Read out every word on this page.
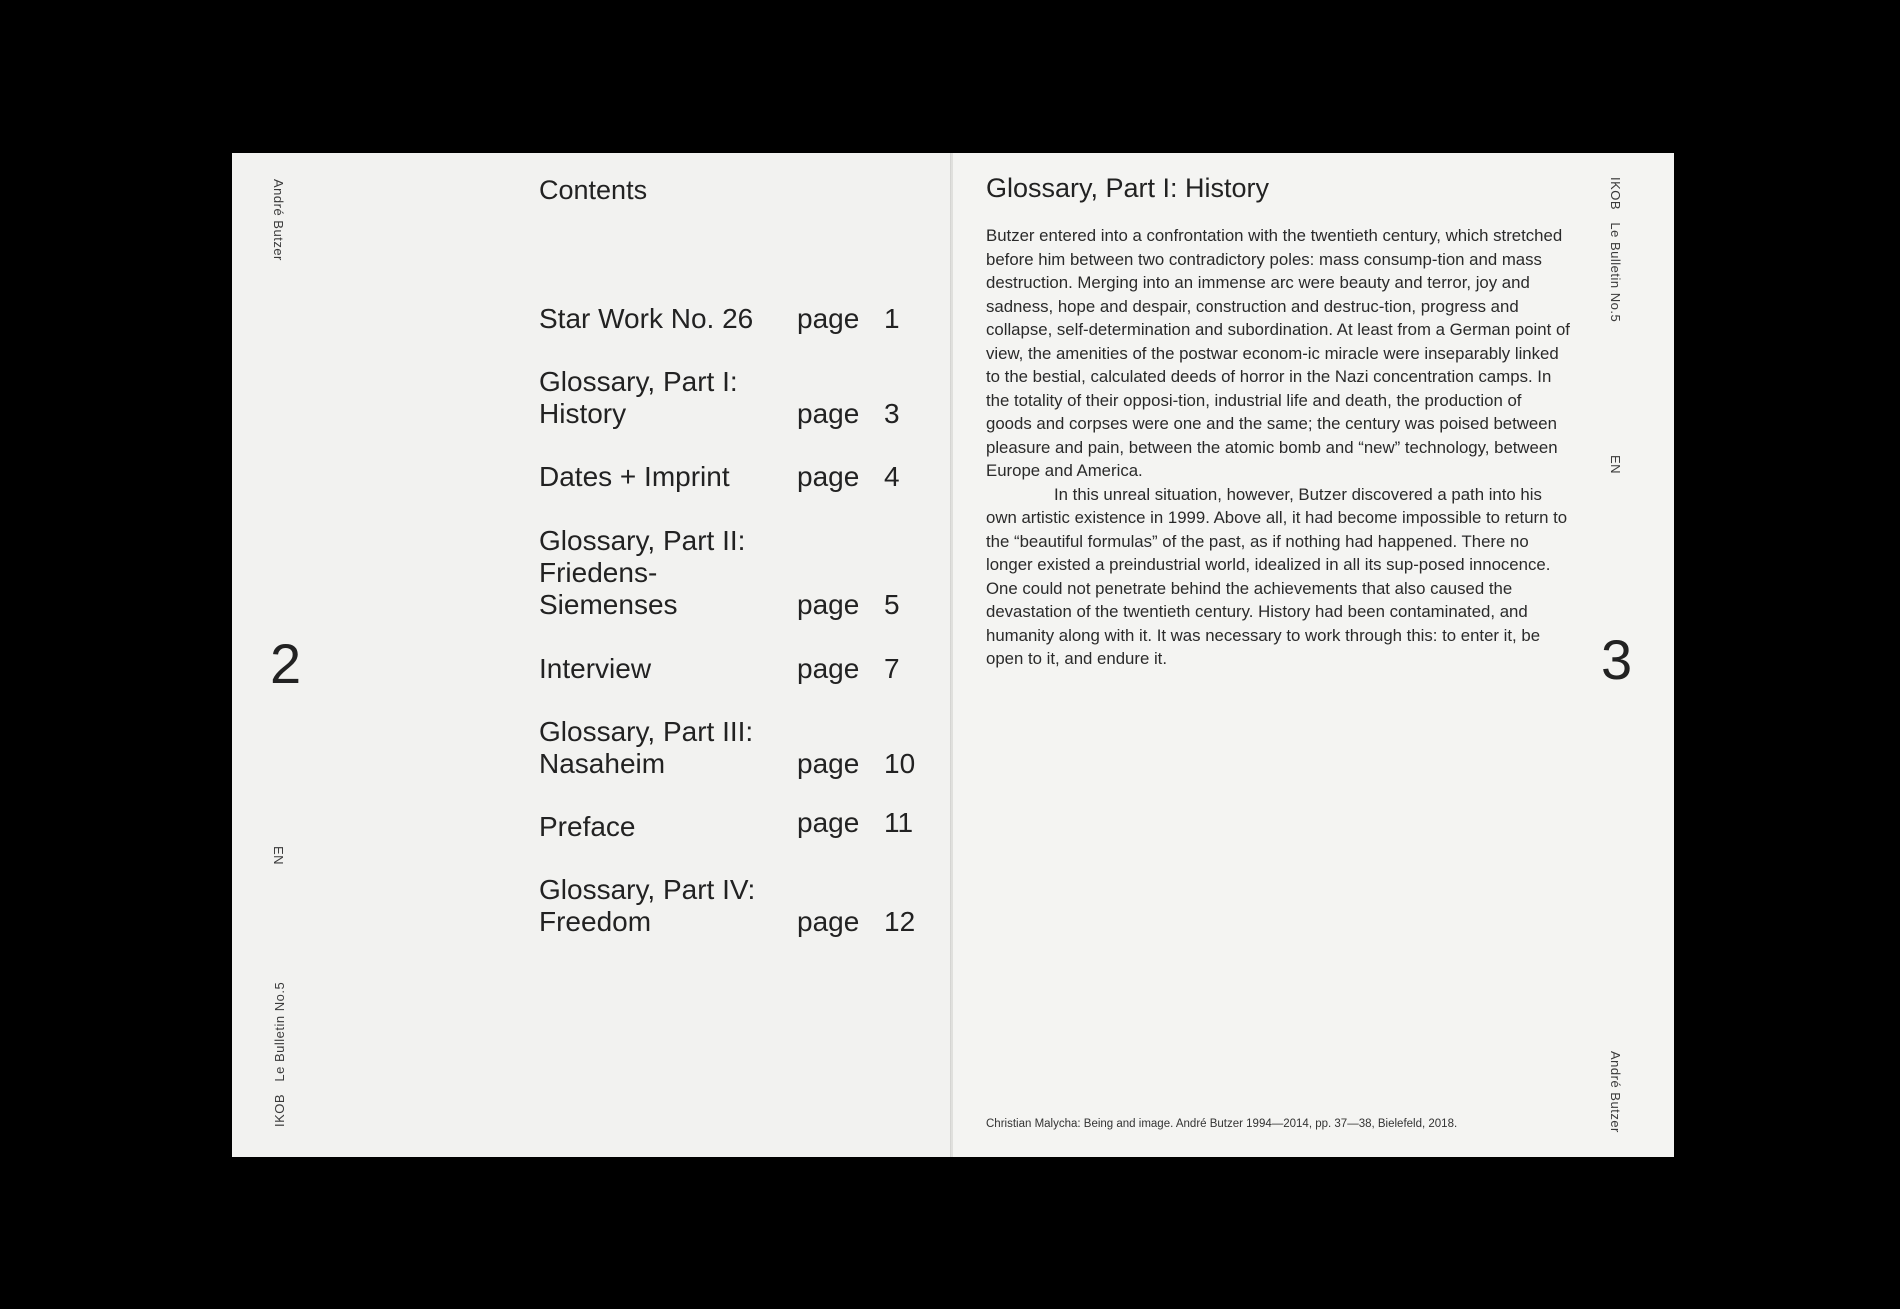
André Butzer
EN
IKOB   Le Bulletin No.5
2
Contents
Star Work No. 26	page 1
Glossary, Part I:
History	page 3
Dates + Imprint	page 4
Glossary, Part II:
Friedens-
Siemenses	page 5
Interview	page 7
Glossary, Part III:
Nasaheim	page 10
Preface	page 11
Glossary, Part IV:
Freedom	page 12
Glossary, Part I: History

Butzer entered into a confrontation with the twentieth century, which stretched before him between two contradictory poles: mass consump-tion and mass destruction. Merging into an immense arc were beauty and terror, joy and sadness, hope and despair, construction and destruc-tion, progress and collapse, self-determination and subordination. At least from a German point of view, the amenities of the postwar econom-ic miracle were inseparably linked to the bestial, calculated deeds of horror in the Nazi concentration camps. In the totality of their opposi-tion, industrial life and death, the production of goods and corpses were one and the same; the century was poised between pleasure and pain, between the atomic bomb and “new” technology, between Europe and America.

In this unreal situation, however, Butzer discovered a path into his own artistic existence in 1999. Above all, it had become impossible to return to the “beautiful formulas” of the past, as if nothing had happened. There no longer existed a preindustrial world, idealized in all its sup-posed innocence. One could not penetrate behind the achievements that also caused the devastation of the twentieth century. History had been contaminated, and humanity along with it. It was necessary to work through this: to enter it, be open to it, and endure it.

IKOB   Le Bulletin No.5
EN
André Butzer
3
Christian Malycha: Being and image. André Butzer 1994—2014, pp. 37—38, Bielefeld, 2018.
